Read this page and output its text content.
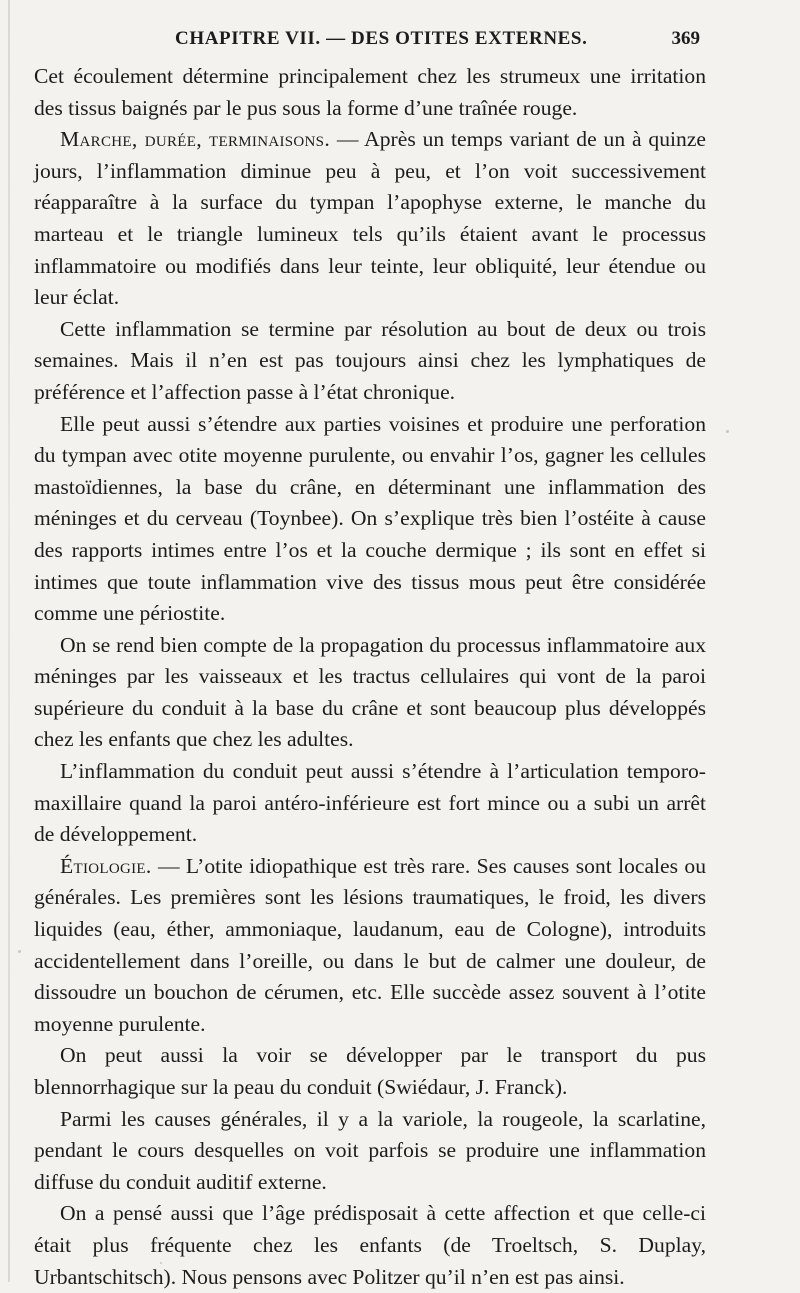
CHAPITRE VII. — DES OTITES EXTERNES.	369

Cet écoulement détermine principalement chez les strumeux une irritation des tissus baignés par le pus sous la forme d’une traînée rouge.

Marche, durée, terminaisons. — Après un temps variant de un à quinze jours, l’inflammation diminue peu à peu, et l’on voit successivement réapparaître à la surface du tympan l’apophyse externe, le manche du marteau et le triangle lumineux tels qu’ils étaient avant le processus inflammatoire ou modifiés dans leur teinte, leur obliquité, leur étendue ou leur éclat.

Cette inflammation se termine par résolution au bout de deux ou trois semaines. Mais il n’en est pas toujours ainsi chez les lymphatiques de préférence et l’affection passe à l’état chronique.

Elle peut aussi s’étendre aux parties voisines et produire une perforation du tympan avec otite moyenne purulente, ou envahir l’os, gagner les cellules mastoïdiennes, la base du crâne, en déterminant une inflammation des méninges et du cerveau (Toynbee). On s’explique très bien l’ostéite à cause des rapports intimes entre l’os et la couche dermique ; ils sont en effet si intimes que toute inflammation vive des tissus mous peut être considérée comme une périostite.

On se rend bien compte de la propagation du processus inflammatoire aux méninges par les vaisseaux et les tractus cellulaires qui vont de la paroi supérieure du conduit à la base du crâne et sont beaucoup plus développés chez les enfants que chez les adultes.

L’inflammation du conduit peut aussi s’étendre à l’articulation temporo-maxillaire quand la paroi antéro-inférieure est fort mince ou a subi un arrêt de développement.

Étiologie. — L’otite idiopathique est très rare. Ses causes sont locales ou générales. Les premières sont les lésions traumatiques, le froid, les divers liquides (eau, éther, ammoniaque, laudanum, eau de Cologne), introduits accidentellement dans l’oreille, ou dans le but de calmer une douleur, de dissoudre un bouchon de cérumen, etc. Elle succède assez souvent à l’otite moyenne purulente.

On peut aussi la voir se développer par le transport du pus blennorrhagique sur la peau du conduit (Swiédaur, J. Franck).

Parmi les causes générales, il y a la variole, la rougeole, la scarlatine, pendant le cours desquelles on voit parfois se produire une inflammation diffuse du conduit auditif externe.

On a pensé aussi que l’âge prédisposait à cette affection et que celle-ci était plus fréquente chez les enfants (de Troeltsch, S. Duplay, Urbantschitsch). Nous pensons avec Politzer qu’il n’en est pas ainsi.
